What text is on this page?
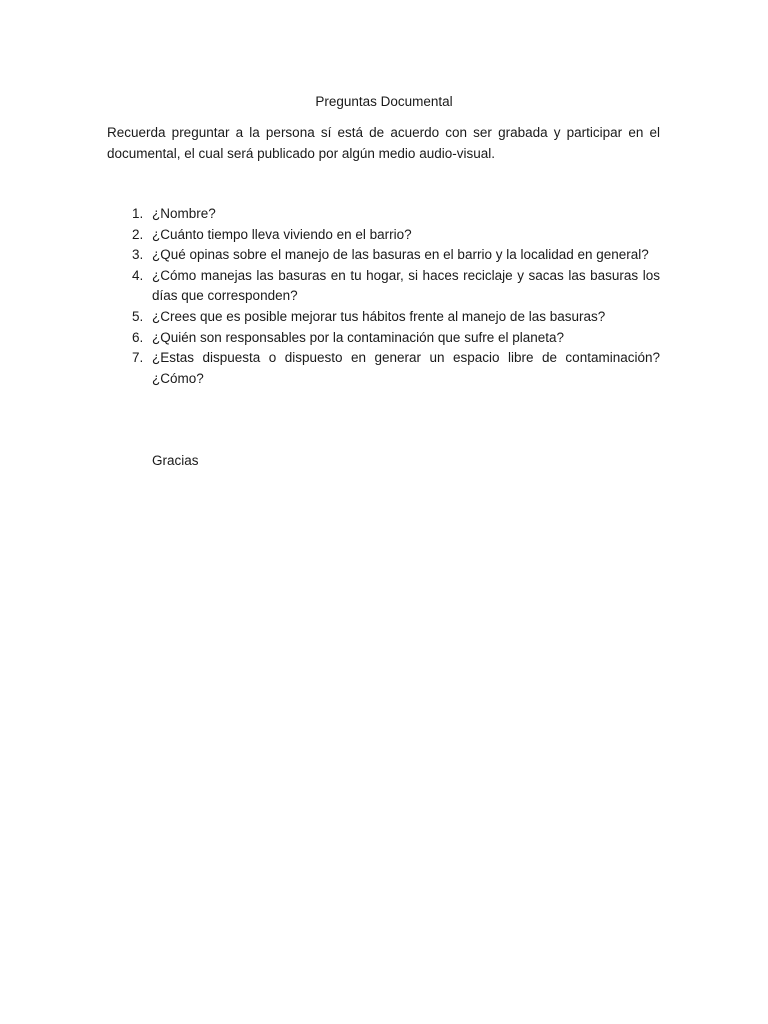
Preguntas Documental

Recuerda preguntar a la persona sí está de acuerdo con ser grabada y participar en el documental, el cual será publicado por algún medio audio-visual.

1. ¿Nombre?
2. ¿Cuánto tiempo lleva viviendo en el barrio?
3. ¿Qué opinas sobre el manejo de las basuras en el barrio y la localidad en general?
4. ¿Cómo manejas las basuras en tu hogar, si haces reciclaje y sacas las basuras los días que corresponden?
5. ¿Crees que es posible mejorar tus hábitos frente al manejo de las basuras?
6. ¿Quién son responsables por la contaminación que sufre el planeta?
7. ¿Estas dispuesta o dispuesto en generar un espacio libre de contaminación? ¿Cómo?

Gracias
